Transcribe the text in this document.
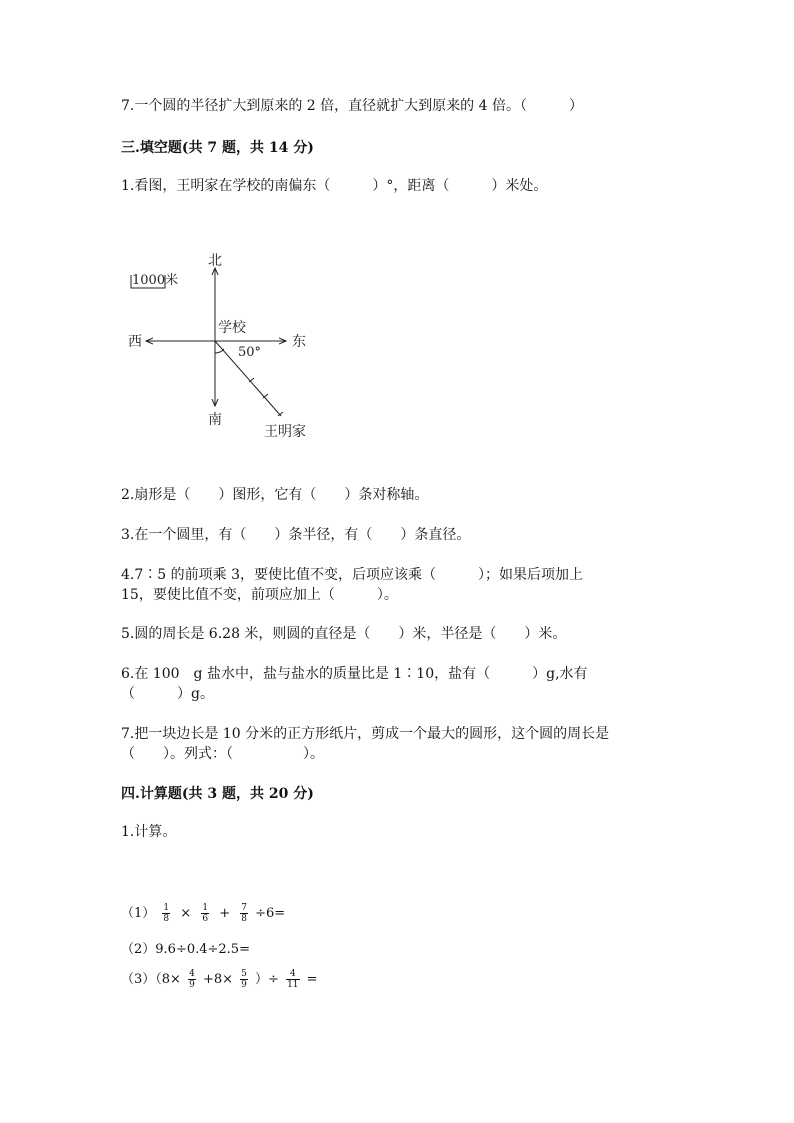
7.一个圆的半径扩大到原来的 2 倍，直径就扩大到原来的 4 倍。（　　　）
三.填空题(共 7 题，共 14 分)
1.看图，王明家在学校的南偏东（　　　）°，距离（　　　）米处。
北
南
西	东
学校
50°
王明家
1000米
2.扇形是（　　）图形，它有（　　）条对称轴。
3.在一个圆里，有（　　）条半径，有（　　）条直径。
4.7∶5 的前项乘 3，要使比值不变，后项应该乘（　　　）；如果后项加上
15，要使比值不变，前项应加上（　　　）。
5.圆的周长是 6.28 米，则圆的直径是（　　）米，半径是（　　）米。
6.在 100　g 盐水中，盐与盐水的质量比是 1∶10，盐有（　　　）g,水有
（　　　）g。
7.把一块边长是 10 分米的正方形纸片，剪成一个最大的圆形，这个圆的周长是
（　　）。列式：（　　　　　）。
四.计算题(共 3 题，共 20 分)
1.计算。
$(1) \frac{1}{8} \times \frac{1}{6} + \frac{7}{8} \div 6=$
（2）9.6÷0.4÷2.5=
$(3)(8\times \frac{4}{9} +8\times \frac{5}{9}$ ）÷ $\frac{4}{11}$ =
